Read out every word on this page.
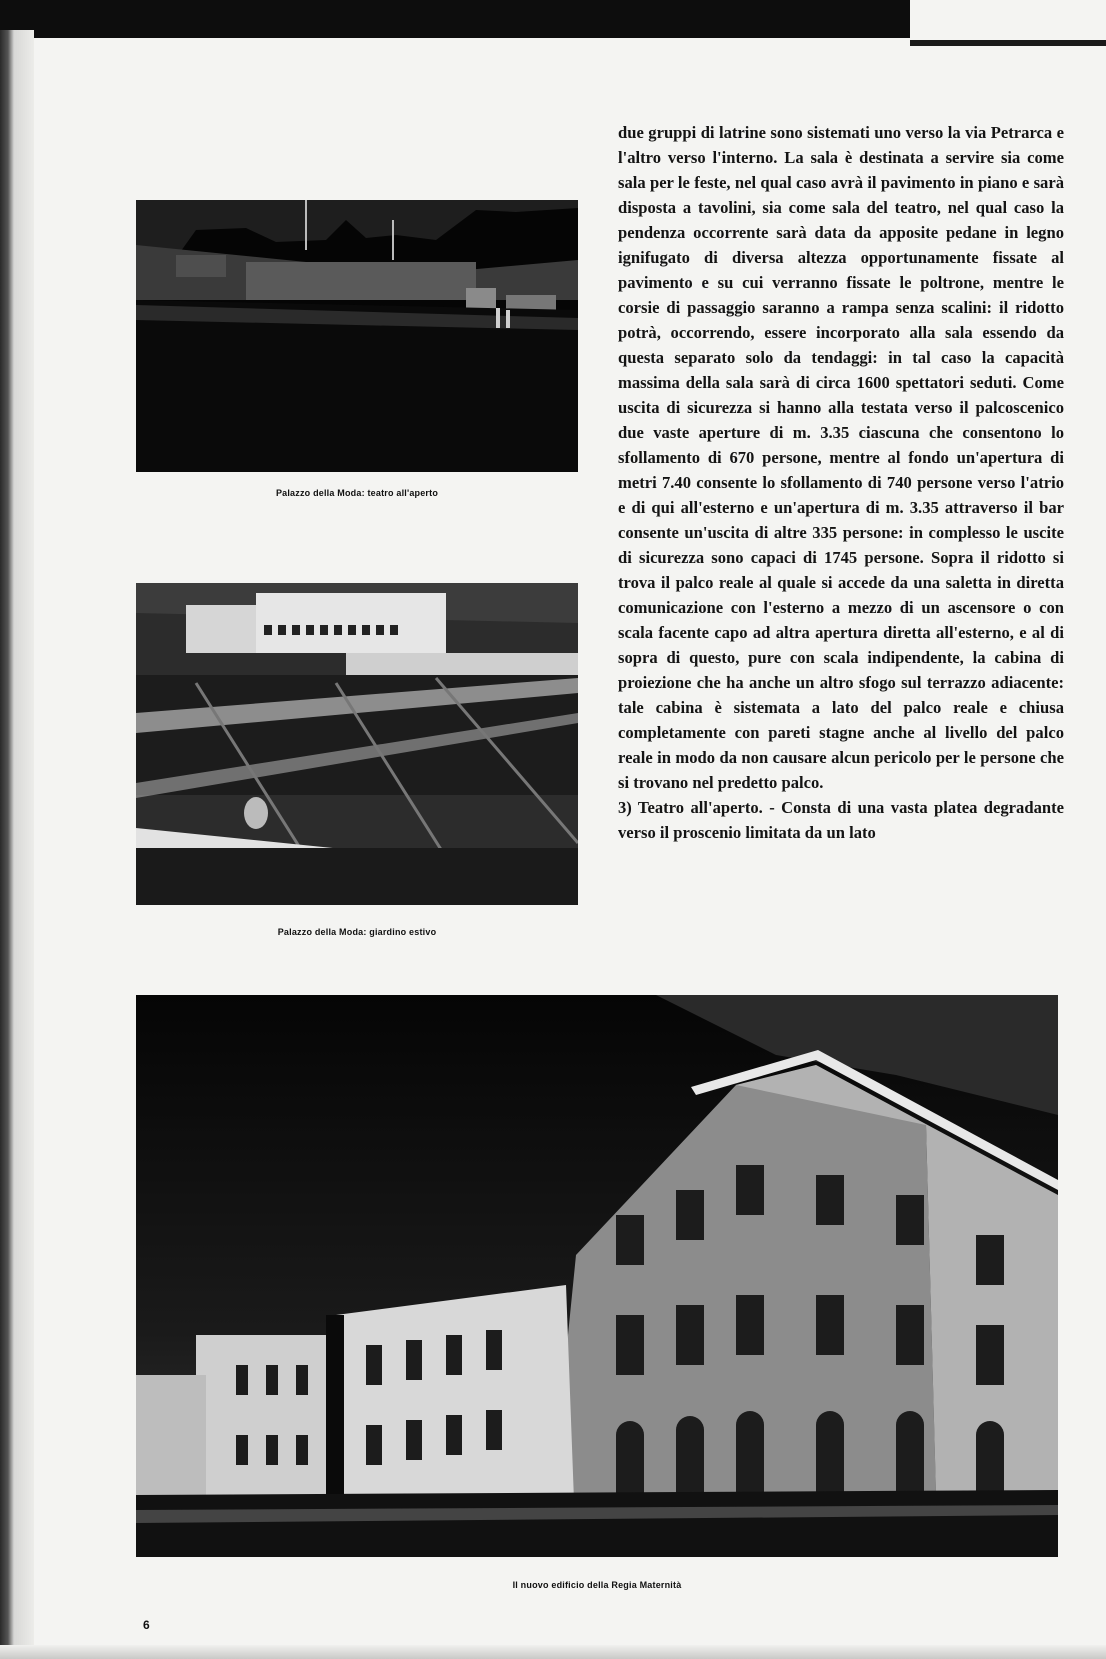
Palazzo della Moda: teatro all'aperto
Palazzo della Moda: giardino estivo

due gruppi di latrine sono sistemati uno verso la via Petrarca e l'altro verso l'interno. La sala è destinata a servire sia come sala per le feste, nel qual caso avrà il pavimento in piano e sarà disposta a tavolini, sia come sala del teatro, nel qual caso la pendenza occorrente sarà data da apposite pedane in legno ignifugato di diversa altezza opportunamente fissate al pavimento e su cui verranno fissate le poltrone, mentre le corsie di passaggio saranno a rampa senza scalini: il ridotto potrà, occorrendo, essere incorporato alla sala essendo da questa separato solo da tendaggi: in tal caso la capacità massima della sala sarà di circa 1600 spettatori seduti. Come uscita di sicurezza si hanno alla testata verso il palcoscenico due vaste aperture di m. 3.35 ciascuna che consentono lo sfollamento di 670 persone, mentre al fondo un'apertura di metri 7.40 consente lo sfollamento di 740 persone verso l'atrio e di qui all'esterno e un'apertura di m. 3.35 attraverso il bar consente un'uscita di altre 335 persone: in complesso le uscite di sicurezza sono capaci di 1745 persone. Sopra il ridotto si trova il palco reale al quale si accede da una saletta in diretta comunicazione con l'esterno a mezzo di un ascensore o con scala facente capo ad altra apertura diretta all'esterno, e al di sopra di questo, pure con scala indipendente, la cabina di proiezione che ha anche un altro sfogo sul terrazzo adiacente: tale cabina è sistemata a lato del palco reale e chiusa completamente con pareti stagne anche al livello del palco reale in modo da non causare alcun pericolo per le persone che si trovano nel predetto palco.

3) Teatro all'aperto. - Consta di una vasta platea degradante verso il proscenio limitata da un lato

Il nuovo edificio della Regia Maternità
6
